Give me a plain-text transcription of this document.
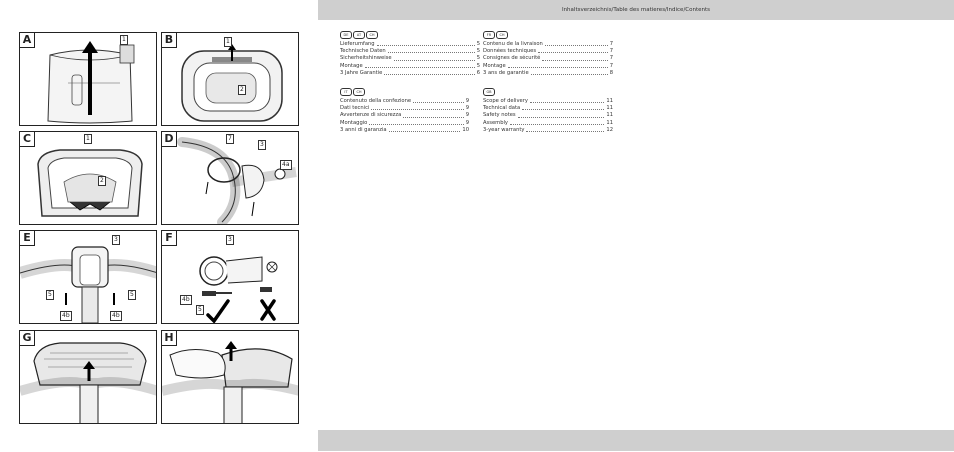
A	1	B	1
2
C	1
2
D	7
3
4a
E	3
5	5
4b	4b
F	3
4b
5
G	H
Inhaltsverzeichnis/Table des matieres/Indice/Contents
DE AT CH
Lieferumfang	5
Technische Daten	5
Sicherheitshinweise	5
Montage	5
3 Jahre Garantie	6
FR CH
Contenu de la livraison	7
Données techniques	7
Consignes de sécurité	7
Montage	7
3 ans de garantie	8
IT	CH
Contenuto della confezione	9
Dati tecnici	9
Avvertenze di sicurezza	9
Montaggio	9
3 anni di garanzia	10
GB
Scope of delivery	11
Technical data	11
Safety notes	11
Assembly	11
3-year warranty	12
